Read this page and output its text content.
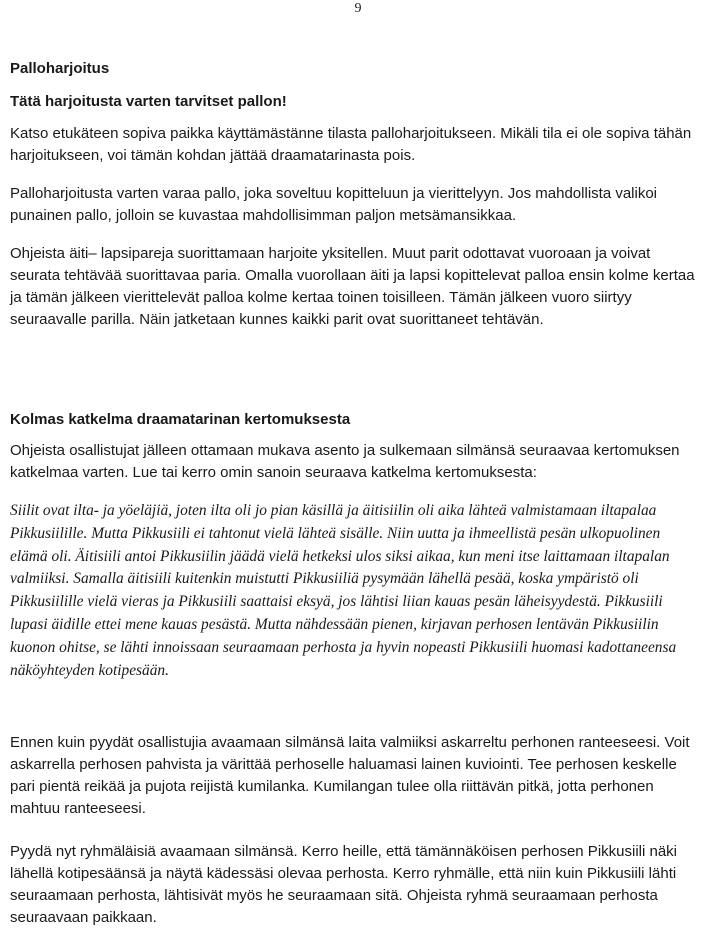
9
Palloharjoitus
Tätä harjoitusta varten tarvitset pallon!

Katso etukäteen sopiva paikka käyttämästänne tilasta palloharjoitukseen. Mikäli tila ei ole sopiva tähän harjoitukseen, voi tämän kohdan jättää draamatarinasta pois.

Palloharjoitusta varten varaa pallo, joka soveltuu kopitteluun ja vierittelyyn. Jos mahdollista valikoi punainen pallo, jolloin se kuvastaa mahdollisimman paljon metsämansikkaa.

Ohjeista äiti– lapsipareja suorittamaan harjoite yksitellen. Muut parit odottavat vuoroaan ja voivat seurata tehtävää suorittavaa paria. Omalla vuorollaan äiti ja lapsi kopittelevat palloa ensin kolme kertaa ja tämän jälkeen vierittelevät palloa kolme kertaa toinen toisilleen. Tämän jälkeen vuoro siirtyy seuraavalle parilla. Näin jatketaan kunnes kaikki parit ovat suorittaneet tehtävän.

Kolmas katkelma draamatarinan kertomuksesta

Ohjeista osallistujat jälleen ottamaan mukava asento ja sulkemaan silmänsä seuraavaa kertomuksen katkelmaa varten. Lue tai kerro omin sanoin seuraava katkelma kertomuksesta:

Siilit ovat ilta- ja yöeläjiä, joten ilta oli jo pian käsillä ja äitisiilin oli aika lähteä valmistamaan iltapalaa Pikkusiilille. Mutta Pikkusiili ei tahtonut vielä lähteä sisälle. Niin uutta ja ihmeellistä pesän ulkopuolinen elämä oli. Äitisiili antoi Pikkusiilin jäädä vielä hetkeksi ulos siksi aikaa, kun meni itse laittamaan iltapalan valmiiksi. Samalla äitisiili kuitenkin muistutti Pikkusiiliä pysymään lähellä pesää, koska ympäristö oli Pikkusiilille vielä vieras ja Pikkusiili saattaisi eksyä, jos lähtisi liian kauas pesän läheisyydestä. Pikkusiili lupasi äidille ettei mene kauas pesästä. Mutta nähdessään pienen, kirjavan perhosen lentävän Pikkusiilin kuonon ohitse, se lähti innoissaan seuraamaan perhosta ja hyvin nopeasti Pikkusiili huomasi kadottaneensa näköyhteyden kotipesään.

Ennen kuin pyydät osallistujia avaamaan silmänsä laita valmiiksi askarreltu perhonen ranteeseesi. Voit askarrella perhosen pahvista ja värittää perhoselle haluamasi lainen kuviointi. Tee perhosen keskelle pari pientä reikää ja pujota reijistä kumilanka. Kumilangan tulee olla riittävän pitkä, jotta perhonen mahtuu ranteeseesi.

Pyydä nyt ryhmäläisiä avaamaan silmänsä. Kerro heille, että tämännäköisen perhosen Pikkusiili näki lähellä kotipesäänsä ja näytä kädessäsi olevaa perhosta. Kerro ryhmälle, että niin kuin Pikkusiili lähti seuraamaan perhosta, lähtisivät myös he seuraamaan sitä. Ohjeista ryhmä seuraamaan perhosta seuraavaan paikkaan.
